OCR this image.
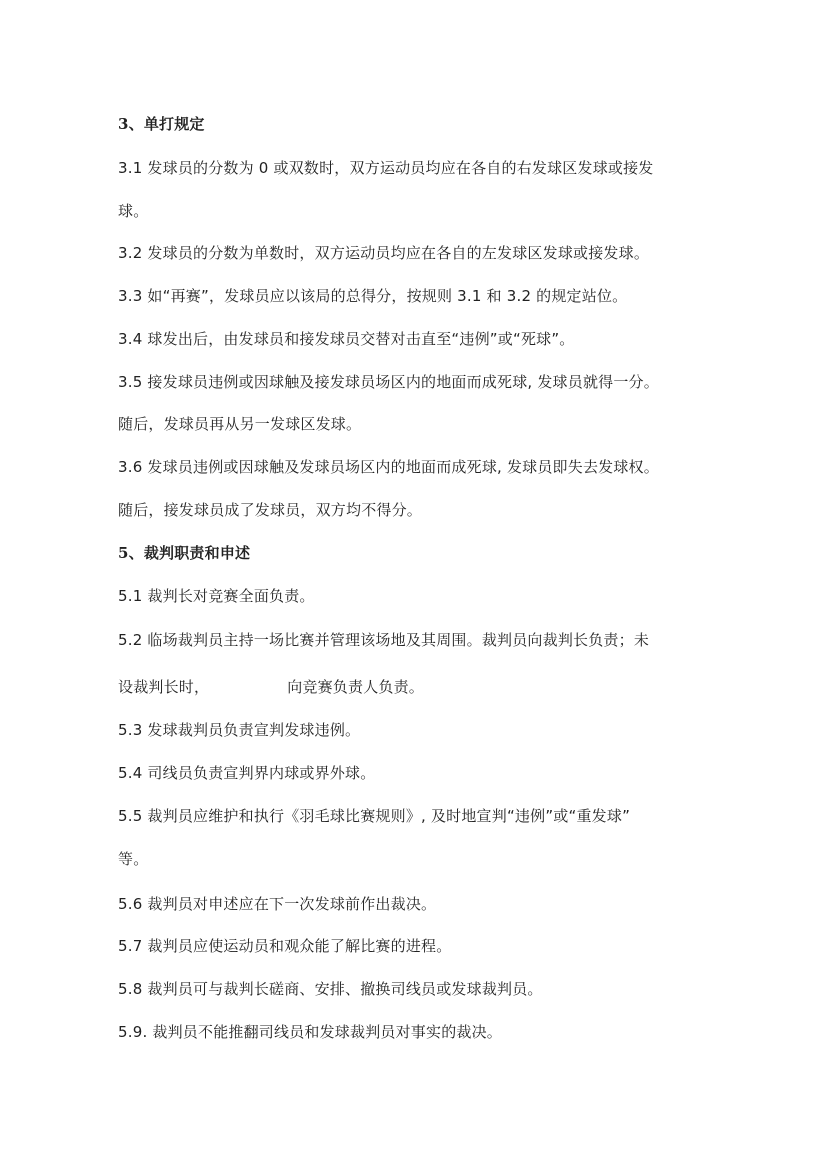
3、单打规定
3.1 发球员的分数为 0 或双数时，双方运动员均应在各自的右发球区发球或接发
球。
3.2 发球员的分数为单数时，双方运动员均应在各自的左发球区发球或接发球。
3.3 如“再赛”，发球员应以该局的总得分，按规则 3.1 和 3.2 的规定站位。
3.4 球发出后，由发球员和接发球员交替对击直至“违例”或“死球”。
3.5 接发球员违例或因球触及接发球员场区内的地面而成死球, 发球员就得一分。
随后，发球员再从另一发球区发球。
3.6 发球员违例或因球触及发球员场区内的地面而成死球, 发球员即失去发球权。
随后，接发球员成了发球员，双方均不得分。
5、裁判职责和申述
5.1 裁判长对竞赛全面负责。
5.2 临场裁判员主持一场比赛并管理该场地及其周围。裁判员向裁判长负责；未
设裁判长时，	向竞赛负责人负责。
5.3 发球裁判员负责宣判发球违例。
5.4 司线员负责宣判界内球或界外球。
5.5 裁判员应维护和执行《羽毛球比赛规则》, 及时地宣判“违例”或“重发球”
等。
5.6 裁判员对申述应在下一次发球前作出裁决。
5.7 裁判员应使运动员和观众能了解比赛的进程。
5.8 裁判员可与裁判长磋商、安排、撤换司线员或发球裁判员。
5.9. 裁判员不能推翻司线员和发球裁判员对事实的裁决。
